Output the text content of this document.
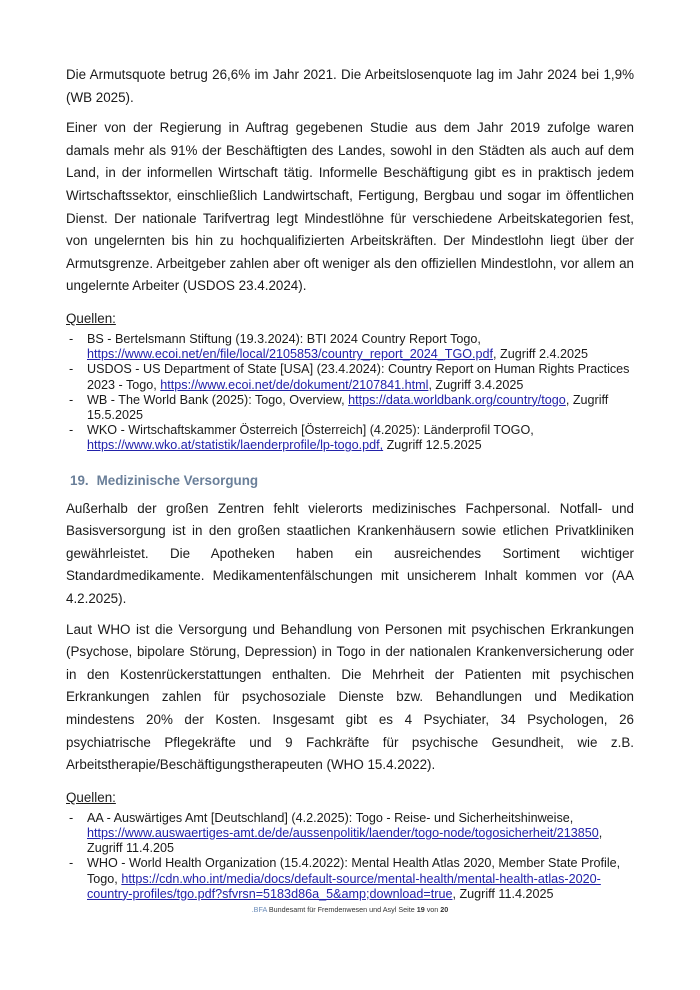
Die Armutsquote betrug 26,6% im Jahr 2021. Die Arbeitslosenquote lag im Jahr 2024 bei 1,9% (WB 2025).

Einer von der Regierung in Auftrag gegebenen Studie aus dem Jahr 2019 zufolge waren damals mehr als 91% der Beschäftigten des Landes, sowohl in den Städten als auch auf dem Land, in der informellen Wirtschaft tätig. Informelle Beschäftigung gibt es in praktisch jedem Wirtschaftssektor, einschließlich Landwirtschaft, Fertigung, Bergbau und sogar im öffentlichen Dienst. Der nationale Tarifvertrag legt Mindestlöhne für verschiedene Arbeitskategorien fest, von ungelernten bis hin zu hochqualifizierten Arbeitskräften. Der Mindestlohn liegt über der Armutsgrenze. Arbeitgeber zahlen aber oft weniger als den offiziellen Mindestlohn, vor allem an ungelernte Arbeiter (USDOS 23.4.2024).

Quellen:
- BS - Bertelsmann Stiftung (19.3.2024): BTI 2024 Country Report Togo, https://www.ecoi.net/en/file/local/2105853/country_report_2024_TGO.pdf, Zugriff 2.4.2025
- USDOS - US Department of State [USA] (23.4.2024): Country Report on Human Rights Practices 2023 - Togo, https://www.ecoi.net/de/dokument/2107841.html, Zugriff 3.4.2025
- WB - The World Bank (2025): Togo, Overview, https://data.worldbank.org/country/togo, Zugriff 15.5.2025
- WKO - Wirtschaftskammer Österreich [Österreich] (4.2025): Länderprofil TOGO, https://www.wko.at/statistik/laenderprofile/lp-togo.pdf, Zugriff 12.5.2025
19. Medizinische Versorgung

Außerhalb der großen Zentren fehlt vielerorts medizinisches Fachpersonal. Notfall- und Basisversorgung ist in den großen staatlichen Krankenhäusern sowie etlichen Privatkliniken gewährleistet. Die Apotheken haben ein ausreichendes Sortiment wichtiger Standardmedikamente. Medikamentenfälschungen mit unsicherem Inhalt kommen vor (AA 4.2.2025).

Laut WHO ist die Versorgung und Behandlung von Personen mit psychischen Erkrankungen (Psychose, bipolare Störung, Depression) in Togo in der nationalen Krankenversicherung oder in den Kostenrückerstattungen enthalten. Die Mehrheit der Patienten mit psychischen Erkrankungen zahlen für psychosoziale Dienste bzw. Behandlungen und Medikation mindestens 20% der Kosten. Insgesamt gibt es 4 Psychiater, 34 Psychologen, 26 psychiatrische Pflegekräfte und 9 Fachkräfte für psychische Gesundheit, wie z.B. Arbeitstherapie/Beschäftigungstherapeuten (WHO 15.4.2022).

Quellen:
- AA - Auswärtiges Amt [Deutschland] (4.2.2025): Togo - Reise- und Sicherheitshinweise, https://www.auswaertiges-amt.de/de/aussenpolitik/laender/togo-node/togosicherheit/213850, Zugriff 11.4.205
- WHO - World Health Organization (15.4.2022): Mental Health Atlas 2020, Member State Profile, Togo, https://cdn.who.int/media/docs/default-source/mental-health/mental-health-atlas-2020-country-profiles/tgo.pdf?sfvrsn=5183d86a_5&amp;download=true, Zugriff 11.4.2025
.BFA Bundesamt für Fremdenwesen und Asyl Seite 19 von 20
